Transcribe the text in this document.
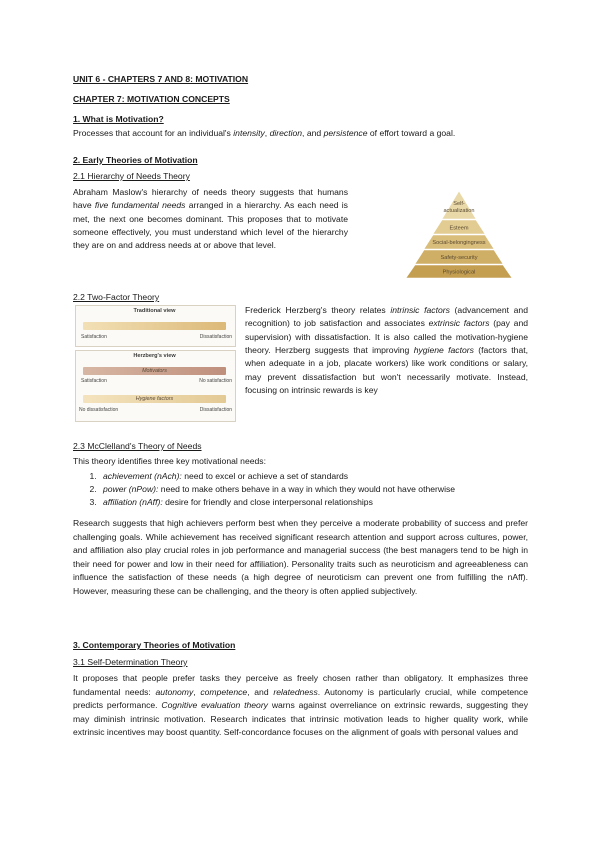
UNIT 6 - CHAPTERS 7 AND 8: MOTIVATION
CHAPTER 7: MOTIVATION CONCEPTS
1. What is Motivation?
Processes that account for an individual's intensity, direction, and persistence of effort toward a goal.
2. Early Theories of Motivation
2.1 Hierarchy of Needs Theory
Abraham Maslow's hierarchy of needs theory suggests that humans have five fundamental needs arranged in a hierarchy. As each need is met, the next one becomes dominant. This proposes that to motivate someone effectively, you must understand which level of the hierarchy they are on and address needs at or above that level.
Self-
actualization
Esteem
Social-belongingness
Safety-security
Physiological
2.2 Two-Factor Theory
Traditional view
Satisfaction	Dissatisfaction
Herzberg's view
Motivators
Satisfaction	No satisfaction
Hygiene factors
No dissatisfaction	Dissatisfaction
Frederick Herzberg's theory relates intrinsic factors (advancement and recognition) to job satisfaction and associates extrinsic factors (pay and supervision) with dissatisfaction. It is also called the motivation-hygiene theory. Herzberg suggests that improving hygiene factors (factors that, when adequate in a job, placate workers) like work conditions or salary, may prevent dissatisfaction but won't necessarily motivate. Instead, focusing on intrinsic rewards is key
2.3 McClelland's Theory of Needs
This theory identifies three key motivational needs:
1. achievement (nAch): need to excel or achieve a set of standards
2. power (nPow): need to make others behave in a way in which they would not have otherwise
3. affiliation (nAff): desire for friendly and close interpersonal relationships
Research suggests that high achievers perform best when they perceive a moderate probability of success and prefer challenging goals. While achievement has received significant research attention and support across cultures, power, and affiliation also play crucial roles in job performance and managerial success (the best managers tend to be high in their need for power and low in their need for affiliation). Personality traits such as neuroticism and agreeableness can influence the satisfaction of these needs (a high degree of neuroticism can prevent one from fulfilling the nAff). However, measuring these can be challenging, and the theory is often applied subjectively.
3. Contemporary Theories of Motivation
3.1 Self-Determination Theory
It proposes that people prefer tasks they perceive as freely chosen rather than obligatory. It emphasizes three fundamental needs: autonomy, competence, and relatedness. Autonomy is particularly crucial, while competence predicts performance. Cognitive evaluation theory warns against overreliance on extrinsic rewards, suggesting they may diminish intrinsic motivation. Research indicates that intrinsic motivation leads to higher quality work, while extrinsic incentives may boost quantity. Self-concordance focuses on the alignment of goals with personal values and
